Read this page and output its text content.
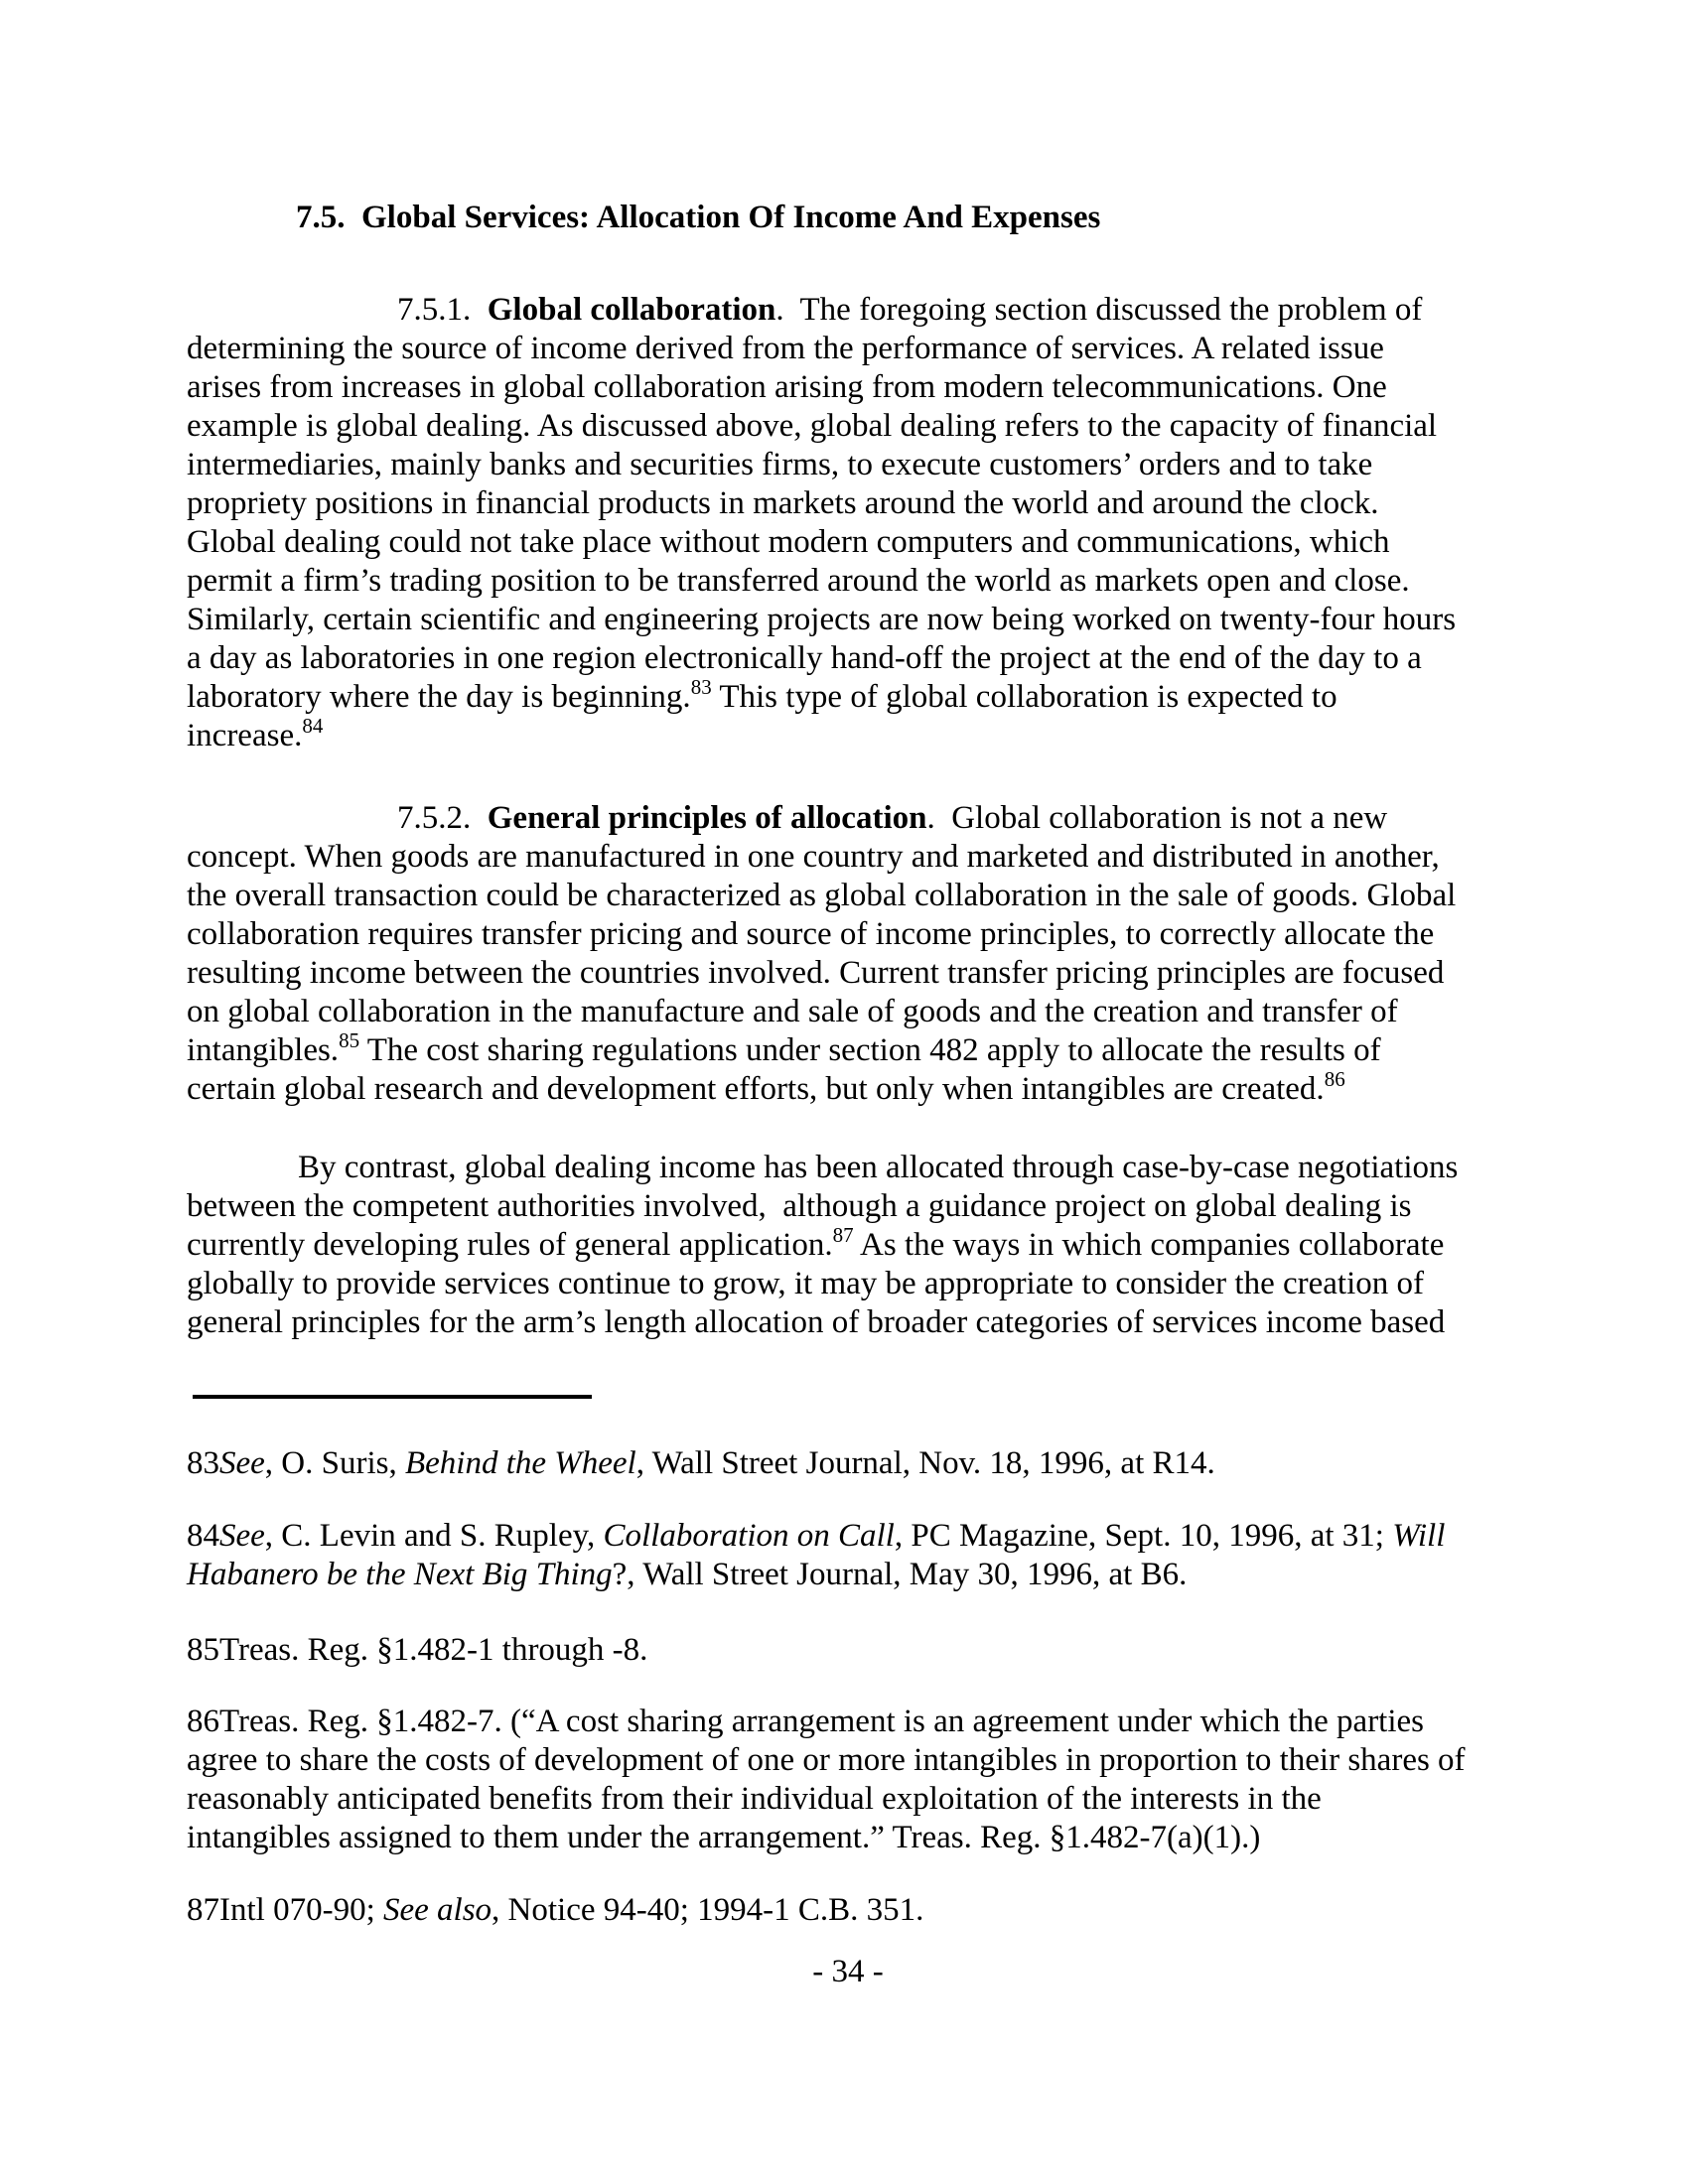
7.5.  Global Services: Allocation Of Income And Expenses
7.5.1.  Global collaboration.  The foregoing section discussed the problem of
determining the source of income derived from the performance of services. A related issue
arises from increases in global collaboration arising from modern telecommunications. One
example is global dealing. As discussed above, global dealing refers to the capacity of financial
intermediaries, mainly banks and securities firms, to execute customers’ orders and to take
propriety positions in financial products in markets around the world and around the clock.
Global dealing could not take place without modern computers and communications, which
permit a firm’s trading position to be transferred around the world as markets open and close.
Similarly, certain scientific and engineering projects are now being worked on twenty-four hours
a day as laboratories in one region electronically hand-off the project at the end of the day to a
laboratory where the day is beginning.$^{83}$ This type of global collaboration is expected to
increase.$^{84}$
7.5.2.  General principles of allocation.  Global collaboration is not a new
concept. When goods are manufactured in one country and marketed and distributed in another,
the overall transaction could be characterized as global collaboration in the sale of goods. Global
collaboration requires transfer pricing and source of income principles, to correctly allocate the
resulting income between the countries involved. Current transfer pricing principles are focused
on global collaboration in the manufacture and sale of goods and the creation and transfer of
intangibles.$^{85}$ The cost sharing regulations under section 482 apply to allocate the results of
certain global research and development efforts, but only when intangibles are created.$^{86}$
By contrast, global dealing income has been allocated through case-by-case negotiations
between the competent authorities involved,  although a guidance project on global dealing is
currently developing rules of general application.$^{87}$ As the ways in which companies collaborate
globally to provide services continue to grow, it may be appropriate to consider the creation of
general principles for the arm’s length allocation of broader categories of services income based
83See, O. Suris, Behind the Wheel, Wall Street Journal, Nov. 18, 1996, at R14.
84See, C. Levin and S. Rupley, Collaboration on Call, PC Magazine, Sept. 10, 1996, at 31; Will
Habanero be the Next Big Thing?, Wall Street Journal, May 30, 1996, at B6.
85Treas. Reg. §1.482-1 through -8.
86Treas. Reg. §1.482-7. (“A cost sharing arrangement is an agreement under which the parties
agree to share the costs of development of one or more intangibles in proportion to their shares of
reasonably anticipated benefits from their individual exploitation of the interests in the
intangibles assigned to them under the arrangement.” Treas. Reg. §1.482-7(a)(1).)
87Intl 070-90; See also, Notice 94-40; 1994-1 C.B. 351.
- 34 -
